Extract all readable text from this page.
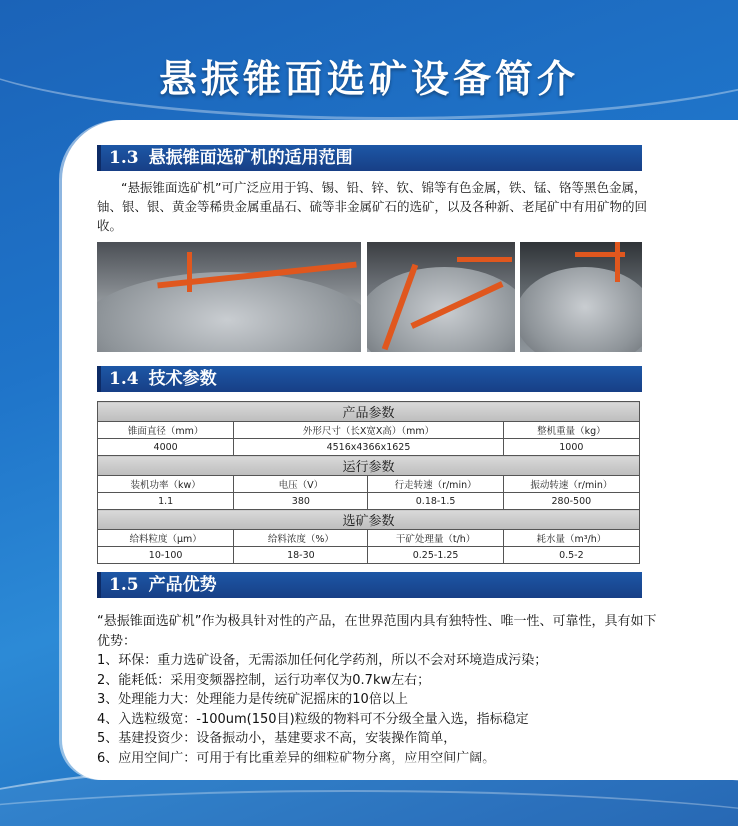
悬振锥面选矿设备简介
1.3 悬振锥面选矿机的适用范围
“悬振锥面选矿机”可广泛应用于钨、锡、铅、锌、钦、锦等有色金属，铁、锰、铬等黑色金属，铀、银、银、黄金等稀贵金属重晶石、硫等非金属矿石的选矿，以及各种新、老尾矿中有用矿物的回收。
1.4 技术参数
产品参数			
锥面直径（mm）	外形尺寸（长X宽X高）（mm）		整机重量（kg）
4000	4516x4366x1625		1000
运行参数			
装机功率（kw）	电压（V）	行走转速（r/min）	振动转速（r/min）
1.1	380	0.18-1.5	280-500
选矿参数			
给料粒度（μm）	给料浓度（%）	干矿处理量（t/h）	耗水量（m³/h）
10-100	18-30	0.25-1.25	0.5-2
1.5 产品优势
“悬振锥面选矿机”作为极具针对性的产品，在世界范围内具有独特性、唯一性、可靠性，具有如下优势：
1、环保：重力选矿设备，无需添加任何化学药剂，所以不会对环境造成污染；
2、能耗低：采用变频器控制，运行功率仅为0.7kw左右；
3、处理能力大：处理能力是传统矿泥摇床的10倍以上
4、入选粒级宽：-100um(150目)粒级的物料可不分级全量入选，指标稳定
5、基建投资少：设备振动小，基建要求不高，安装操作简单，
6、应用空间广：可用于有比重差异的细粒矿物分离，应用空间广阔。
